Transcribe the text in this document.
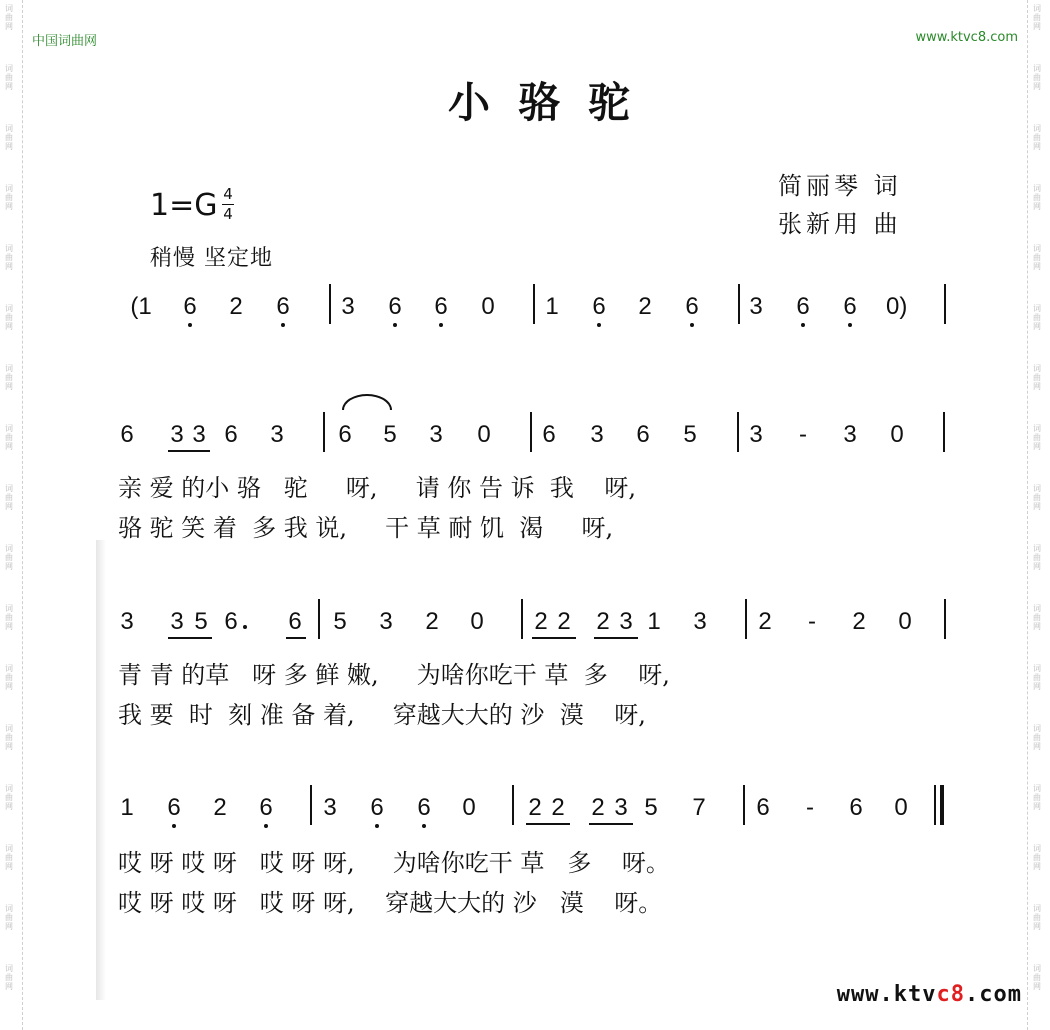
词
曲
网
词
曲
网
词
曲
网
词
曲
网
词
曲
网
词
曲
网
词
曲
网
词
曲
网
词
曲
网
词
曲
网
词
曲
网
词
曲
网
词
曲
网
词
曲
网
词
曲
网
词
曲
网
词
曲
网
词
曲
网
词
曲
网
词
曲
网
词
曲
网
词
曲
网
词
曲
网
词
曲
网
词
曲
网
词
曲
网
词
曲
网
词
曲
网
词
曲
网
词
曲
网
词
曲
网
词
曲
网
词
曲
网
词
曲
网
中国词曲网	www.ktvc8.com
小骆驼
简丽琴 词
张新用 曲
1=G 4
4
稍慢 坚定地
(1 6 2 6 3 6 6 0 1 6 2 6 3 6 6 0)
6 3 3 6 3 6 5 3 0 6 3 6 5 3 - 3 0
亲 爱 的小 骆   驼     呀,     请 你 告 诉  我    呀,
骆 驼 笑 着  多 我 说,     干 草 耐 饥  渴     呀,
3 3 5 6 6 5 3 2 0 2 2 2 3 1 3 2 - 2 0
青 青 的草   呀 多 鲜 嫩,     为啥你吃干 草  多    呀,
我 要  时  刻 准 备 着,     穿越大大的 沙  漠    呀,
1 6 2 6 3 6 6 0 2 2 2 3 5 7 6 - 6 0
哎 呀 哎 呀   哎 呀 呀,     为啥你吃干 草   多    呀。
哎 呀 哎 呀   哎 呀 呀,    穿越大大的 沙   漠    呀。
www.ktvc8.com
